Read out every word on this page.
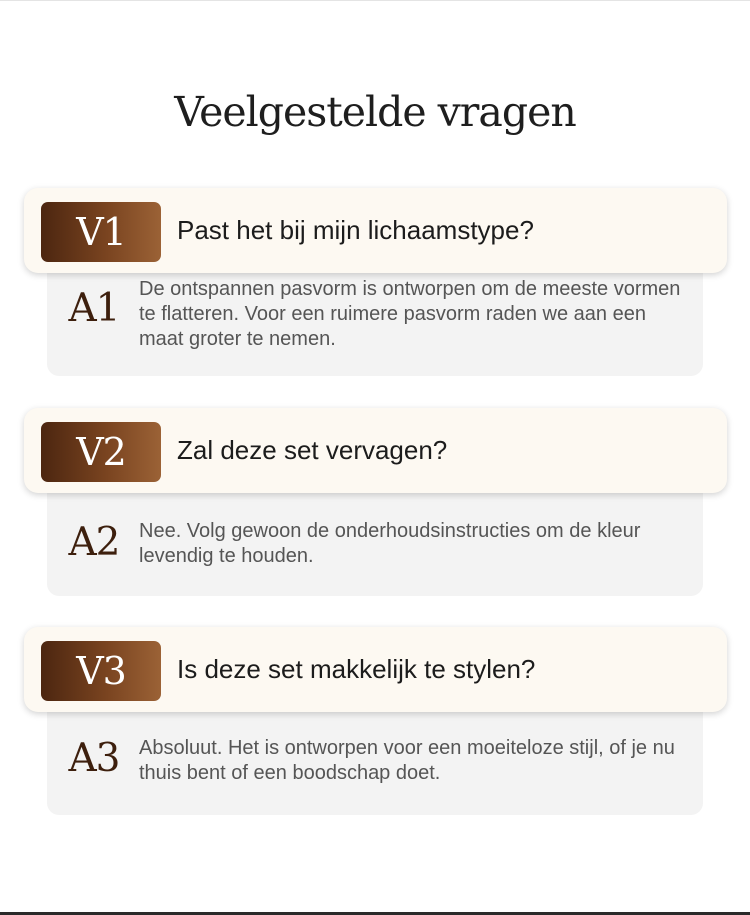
Veelgestelde vragen
A1 De ontspannen pasvorm is ontworpen om de meeste vormen te flatteren. Voor een ruimere pasvorm raden we aan een maat groter te nemen.
V1	Past het bij mijn lichaamstype?
A2 Nee. Volg gewoon de onderhoudsinstructies om de kleur levendig te houden.
V2	Zal deze set vervagen?
A3 Absoluut. Het is ontworpen voor een moeiteloze stijl, of je nu thuis bent of een boodschap doet.
V3	Is deze set makkelijk te stylen?
